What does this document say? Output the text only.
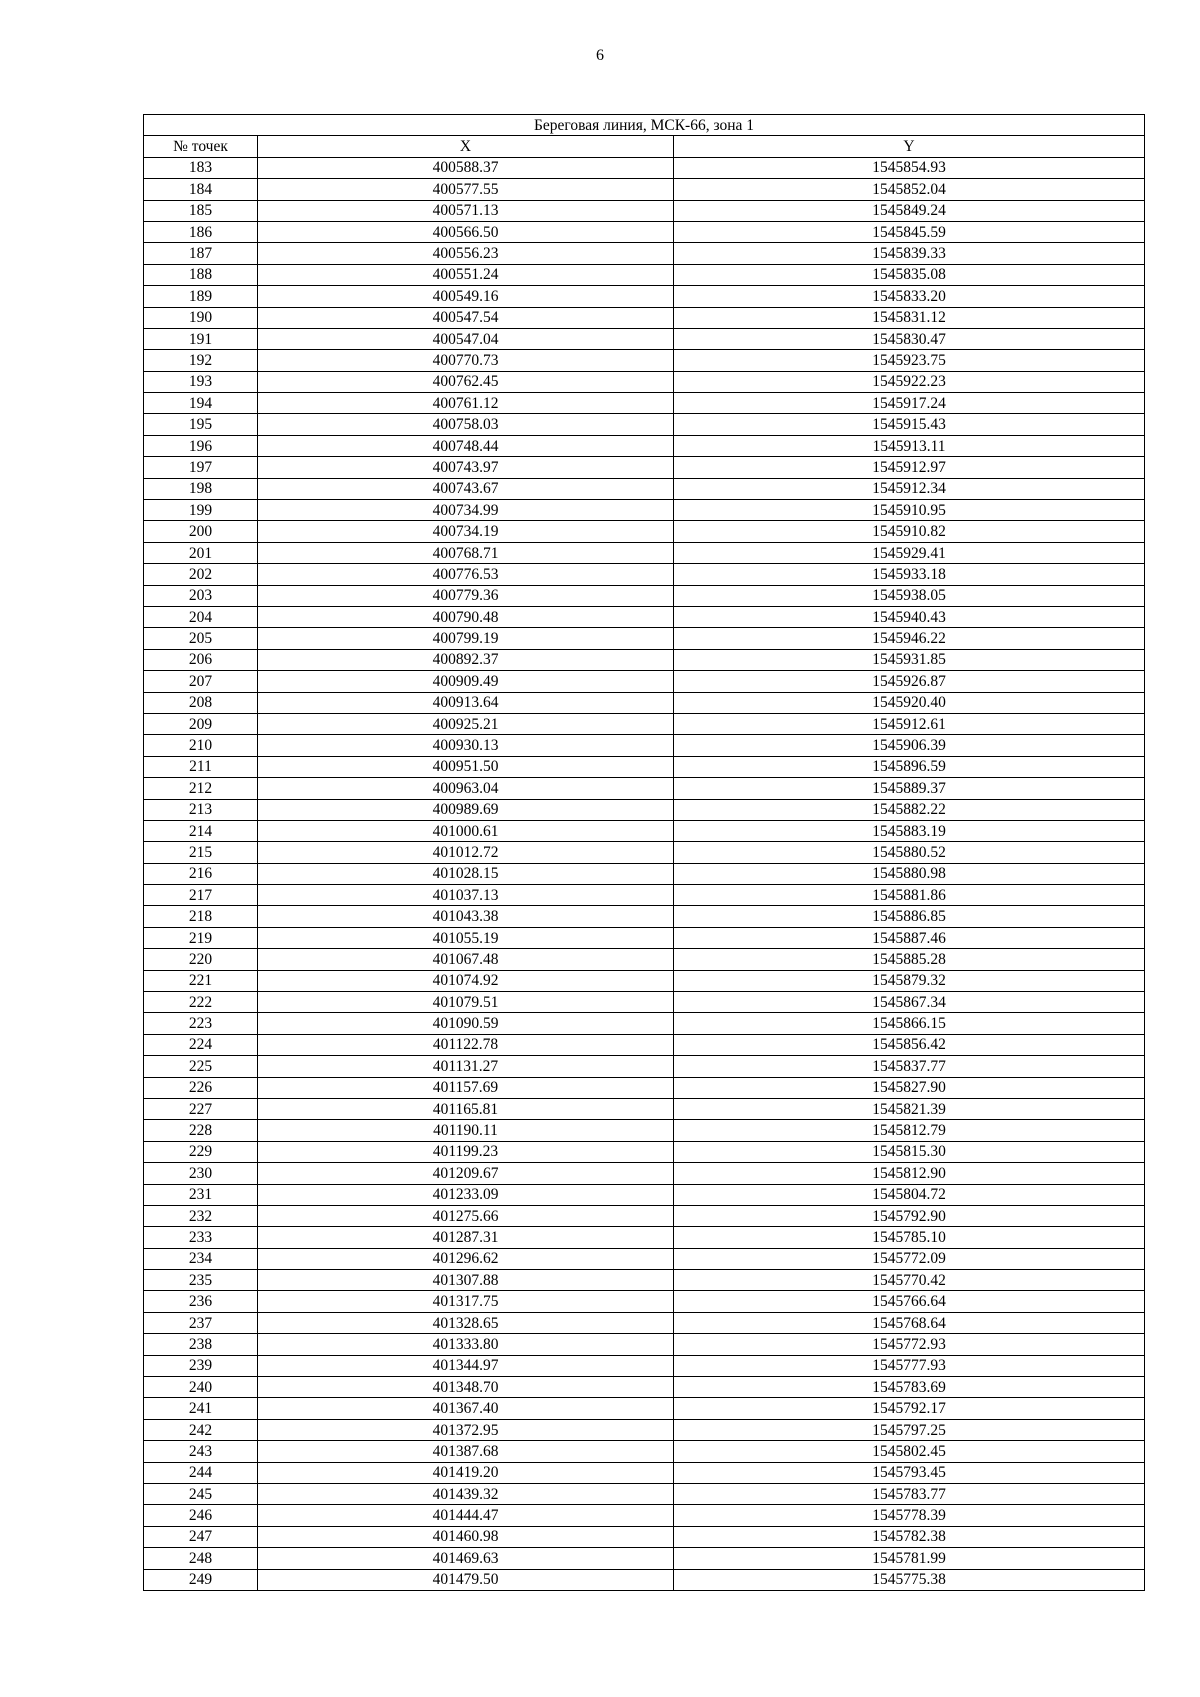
6
Береговая линия, МСК-66, зона 1		
№ точек	X	Y
183	400588.37	1545854.93
184	400577.55	1545852.04
185	400571.13	1545849.24
186	400566.50	1545845.59
187	400556.23	1545839.33
188	400551.24	1545835.08
189	400549.16	1545833.20
190	400547.54	1545831.12
191	400547.04	1545830.47
192	400770.73	1545923.75
193	400762.45	1545922.23
194	400761.12	1545917.24
195	400758.03	1545915.43
196	400748.44	1545913.11
197	400743.97	1545912.97
198	400743.67	1545912.34
199	400734.99	1545910.95
200	400734.19	1545910.82
201	400768.71	1545929.41
202	400776.53	1545933.18
203	400779.36	1545938.05
204	400790.48	1545940.43
205	400799.19	1545946.22
206	400892.37	1545931.85
207	400909.49	1545926.87
208	400913.64	1545920.40
209	400925.21	1545912.61
210	400930.13	1545906.39
211	400951.50	1545896.59
212	400963.04	1545889.37
213	400989.69	1545882.22
214	401000.61	1545883.19
215	401012.72	1545880.52
216	401028.15	1545880.98
217	401037.13	1545881.86
218	401043.38	1545886.85
219	401055.19	1545887.46
220	401067.48	1545885.28
221	401074.92	1545879.32
222	401079.51	1545867.34
223	401090.59	1545866.15
224	401122.78	1545856.42
225	401131.27	1545837.77
226	401157.69	1545827.90
227	401165.81	1545821.39
228	401190.11	1545812.79
229	401199.23	1545815.30
230	401209.67	1545812.90
231	401233.09	1545804.72
232	401275.66	1545792.90
233	401287.31	1545785.10
234	401296.62	1545772.09
235	401307.88	1545770.42
236	401317.75	1545766.64
237	401328.65	1545768.64
238	401333.80	1545772.93
239	401344.97	1545777.93
240	401348.70	1545783.69
241	401367.40	1545792.17
242	401372.95	1545797.25
243	401387.68	1545802.45
244	401419.20	1545793.45
245	401439.32	1545783.77
246	401444.47	1545778.39
247	401460.98	1545782.38
248	401469.63	1545781.99
249	401479.50	1545775.38
